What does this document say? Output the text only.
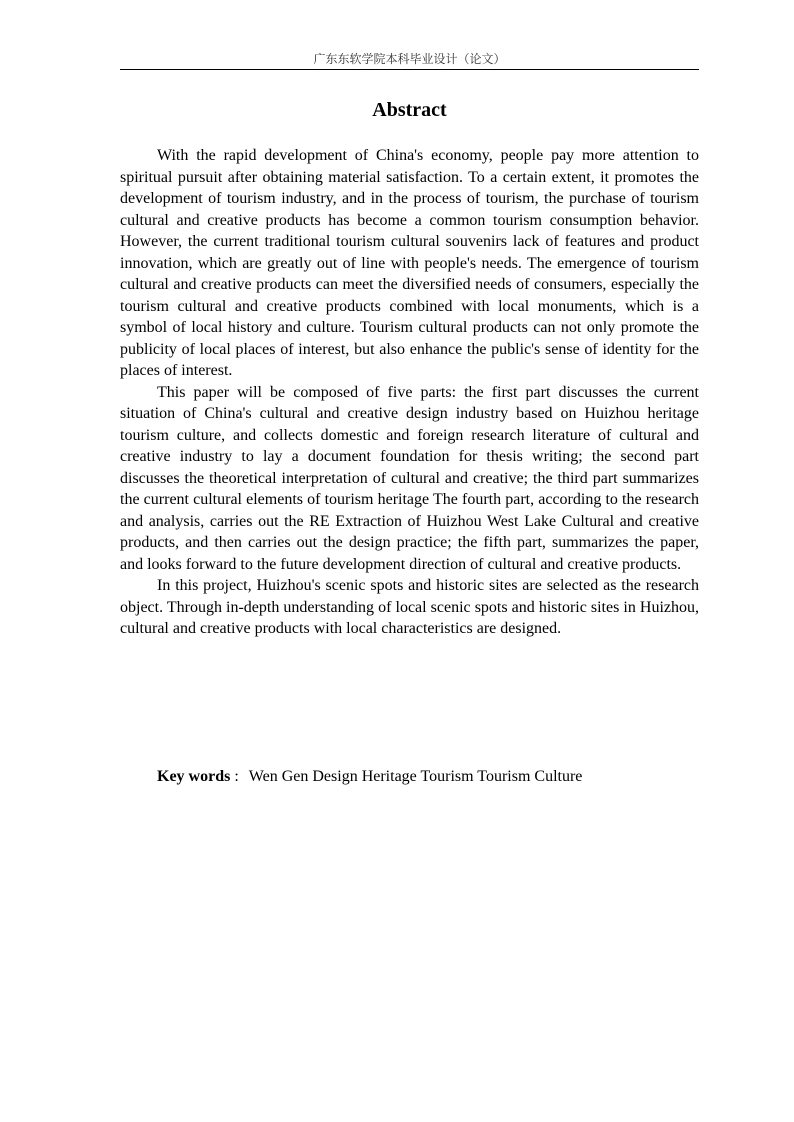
广东东软学院本科毕业设计（论文）
Abstract

With the rapid development of China's economy, people pay more attention to spiritual pursuit after obtaining material satisfaction. To a certain extent, it promotes the development of tourism industry, and in the process of tourism, the purchase of tourism cultural and creative products has become a common tourism consumption behavior. However, the current traditional tourism cultural souvenirs lack of features and product innovation, which are greatly out of line with people's needs. The emergence of tourism cultural and creative products can meet the diversified needs of consumers, especially the tourism cultural and creative products combined with local monuments, which is a symbol of local history and culture. Tourism cultural products can not only promote the publicity of local places of interest, but also enhance the public's sense of identity for the places of interest.

This paper will be composed of five parts: the first part discusses the current situation of China's cultural and creative design industry based on Huizhou heritage tourism culture, and collects domestic and foreign research literature of cultural and creative industry to lay a document foundation for thesis writing; the second part discusses the theoretical interpretation of cultural and creative; the third part summarizes the current cultural elements of tourism heritage The fourth part, according to the research and analysis, carries out the RE Extraction of Huizhou West Lake Cultural and creative products, and then carries out the design practice; the fifth part, summarizes the paper, and looks forward to the future development direction of cultural and creative products.

In this project, Huizhou's scenic spots and historic sites are selected as the research object. Through in-depth understanding of local scenic spots and historic sites in Huizhou, cultural and creative products with local characteristics are designed.

Key words : Wen Gen Design Heritage Tourism Tourism Culture
